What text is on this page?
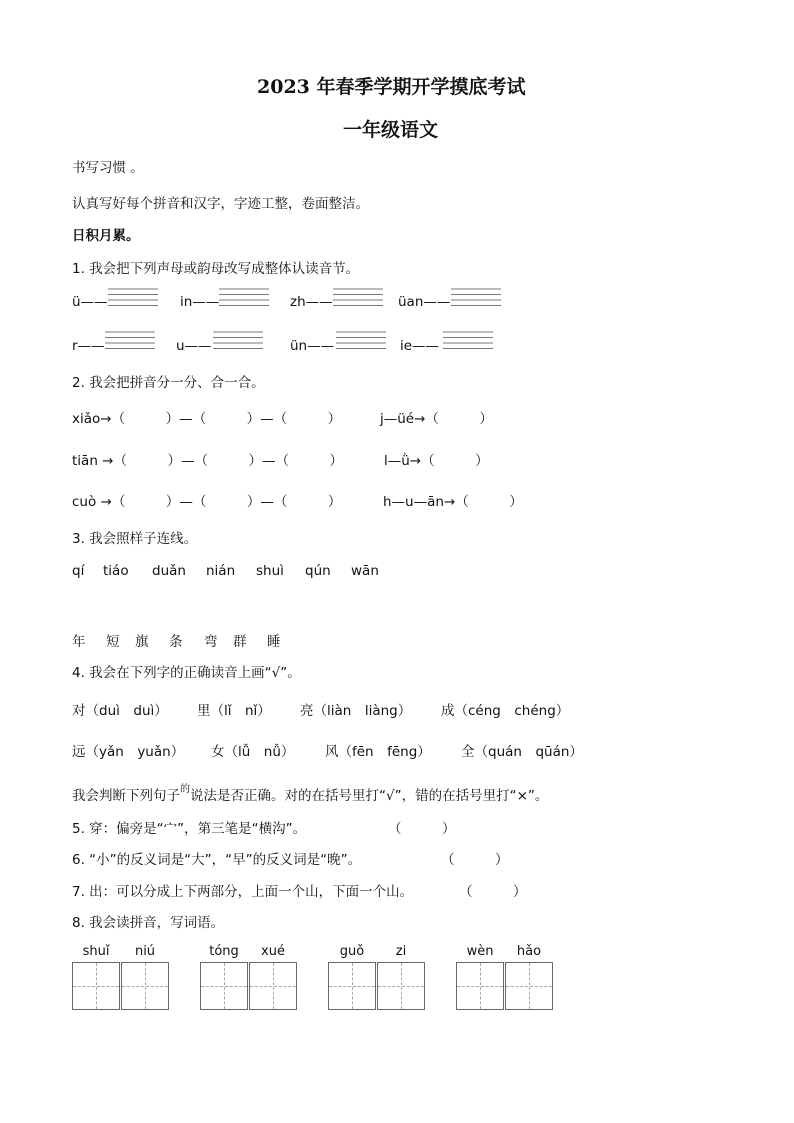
2023 年春季学期开学摸底考试
一年级语文
书写习惯 。
认真写好每个拼音和汉字，字迹工整，卷面整洁。
日积月累。
1. 我会把下列声母或韵母改写成整体认读音节。
ü——	in——	zh——	üan——
r——	u——	ün——	ie——
2. 我会把拼音分一分、合一合。
xiǎo→（　　　）—（　　　）—（　　　）	j—üé→（　　　）
tiān →（　　　）—（　　　）—（　　　）	l—ǜ→（　　　）
cuò →（　　　）—（　　　）—（　　　）	h—u—ān→（　　　）
3. 我会照样子连线。
qí tiáo duǎn nián shuì qún wān
年 短 旗 条 弯 群 睡
4. 我会在下列字的正确读音上画“√”。
对（duì　duì） 里（lǐ　nǐ） 亮（liàn　liàng） 成（céng　chéng）
远（yǎn　yuǎn） 女（lǚ　nǚ） 风（fēn　fēng） 全（quán　qūán）
我会判断下列句子$^的$说法是否正确。对的在括号里打“√”，错的在括号里打“×”。
5. 穿：偏旁是“宀”，第三笔是“横沟”。	（　　　）
6. “小”的反义词是“大”，“早”的反义词是“晚”。	（　　　）
7. 出：可以分成上下两部分，上面一个山，下面一个山。	（　　　）
8. 我会读拼音，写词语。
shuǐ	niú	tóng	xué	guǒ	zi	wèn	hǎo
